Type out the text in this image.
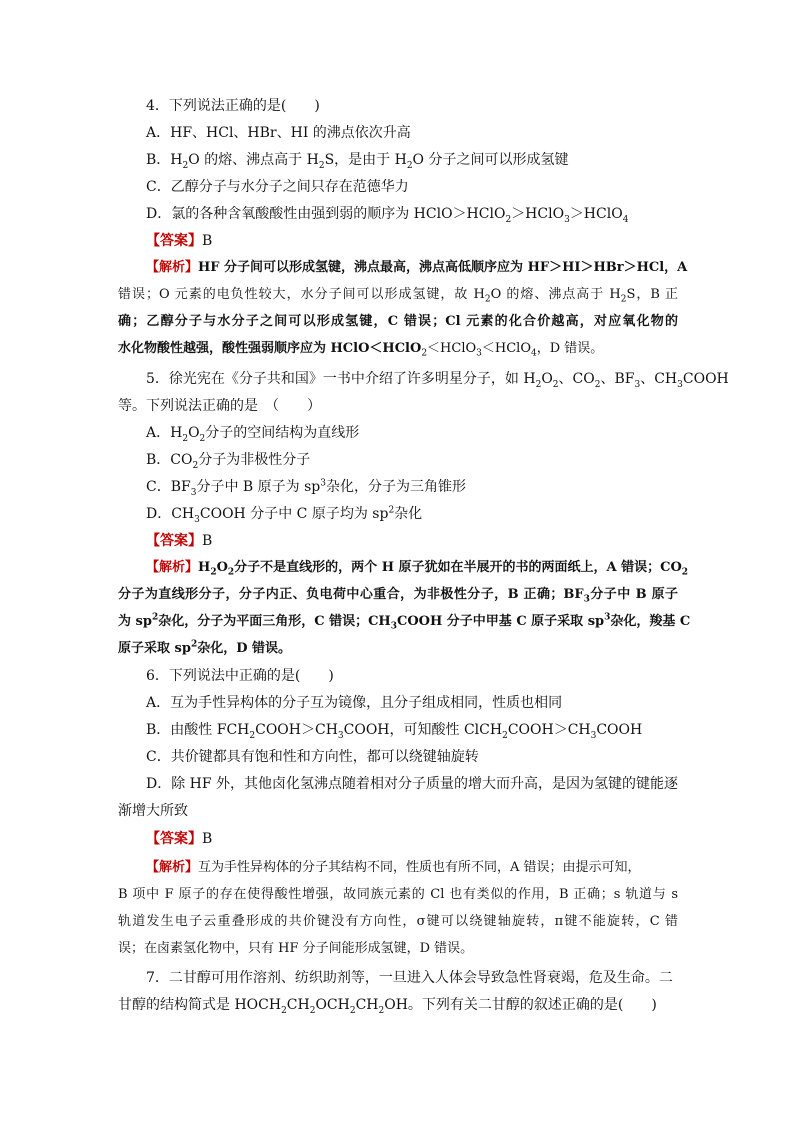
4．下列说法正确的是(　　)
A．HF、HCl、HBr、HI 的沸点依次升高
B．$H_2O$ 的熔、沸点高于 $H_2S$，是由于 $H_2O$ 分子之间可以形成氢键
C．乙醇分子与水分子之间只存在范德华力
D．氯的各种含氧酸酸性由强到弱的顺序为 HClO＞HClO$_2$＞HClO$_3$＞HClO$_4$
【答案】B
【解析】HF 分子间可以形成氢键，沸点最高，沸点高低顺序应为 HF＞HI＞HBr＞HCl，A
错误；O 元素的电负性较大，水分子间可以形成氢键，故 $H_2O$ 的熔、沸点高于 $H_2S$，B 正
确；乙醇分子与水分子之间可以形成氢键，C 错误；Cl 元素的化合价越高，对应氧化物的
水化物酸性越强，酸性强弱顺序应为 HClO＜HClO$_2$＜HClO$_3$＜HClO$_4$，D 错误。
5．徐光宪在《分子共和国》一书中介绍了许多明星分子，如 $H_2O_2$、$CO_2$、$BF_3$、$CH_3COOH$
等。下列说法正确的是　（　　）
A．$H_2O_2$分子的空间结构为直线形
B．$CO_2$分子为非极性分子
C．$BF_3$分子中 B 原子为 $sp^3$杂化，分子为三角锥形
D．$CH_3COOH$ 分子中 C 原子均为 $sp^2$杂化
【答案】B
【解析】$H_2O_2$分子不是直线形的，两个 H 原子犹如在半展开的书的两面纸上，A 错误；$CO_2$
分子为直线形分子，分子内正、负电荷中心重合，为非极性分子，B 正确；$BF_3$分子中 B 原子
为 $sp^2$杂化，分子为平面三角形，C 错误；$CH_3COOH$ 分子中甲基 C 原子采取 $sp^3$杂化，羧基 C
原子采取 $sp^2$杂化，D 错误。
6．下列说法中正确的是(　　)
A．互为手性异构体的分子互为镜像，且分子组成相同，性质也相同
B．由酸性 $FCH_2COOH>CH_3COOH$，可知酸性 $ClCH_2COOH>CH_3COOH$
C．共价键都具有饱和性和方向性，都可以绕键轴旋转
D．除 HF 外，其他卤化氢沸点随着相对分子质量的增大而升高，是因为氢键的键能逐
渐增大所致
【答案】B
【解析】互为手性异构体的分子其结构不同，性质也有所不同，A 错误；由提示可知，
B 项中 F 原子的存在使得酸性增强，故同族元素的 Cl 也有类似的作用，B 正确；s 轨道与 s
轨道发生电子云重叠形成的共价键没有方向性，σ键可以绕键轴旋转，π键不能旋转，C 错
误；在卤素氢化物中，只有 HF 分子间能形成氢键，D 错误。
7．二甘醇可用作溶剂、纺织助剂等，一旦进入人体会导致急性肾衰竭，危及生命。二
甘醇的结构简式是 $HOCH_2CH_2OCH_2CH_2OH$。下列有关二甘醇的叙述正确的是(　　)
